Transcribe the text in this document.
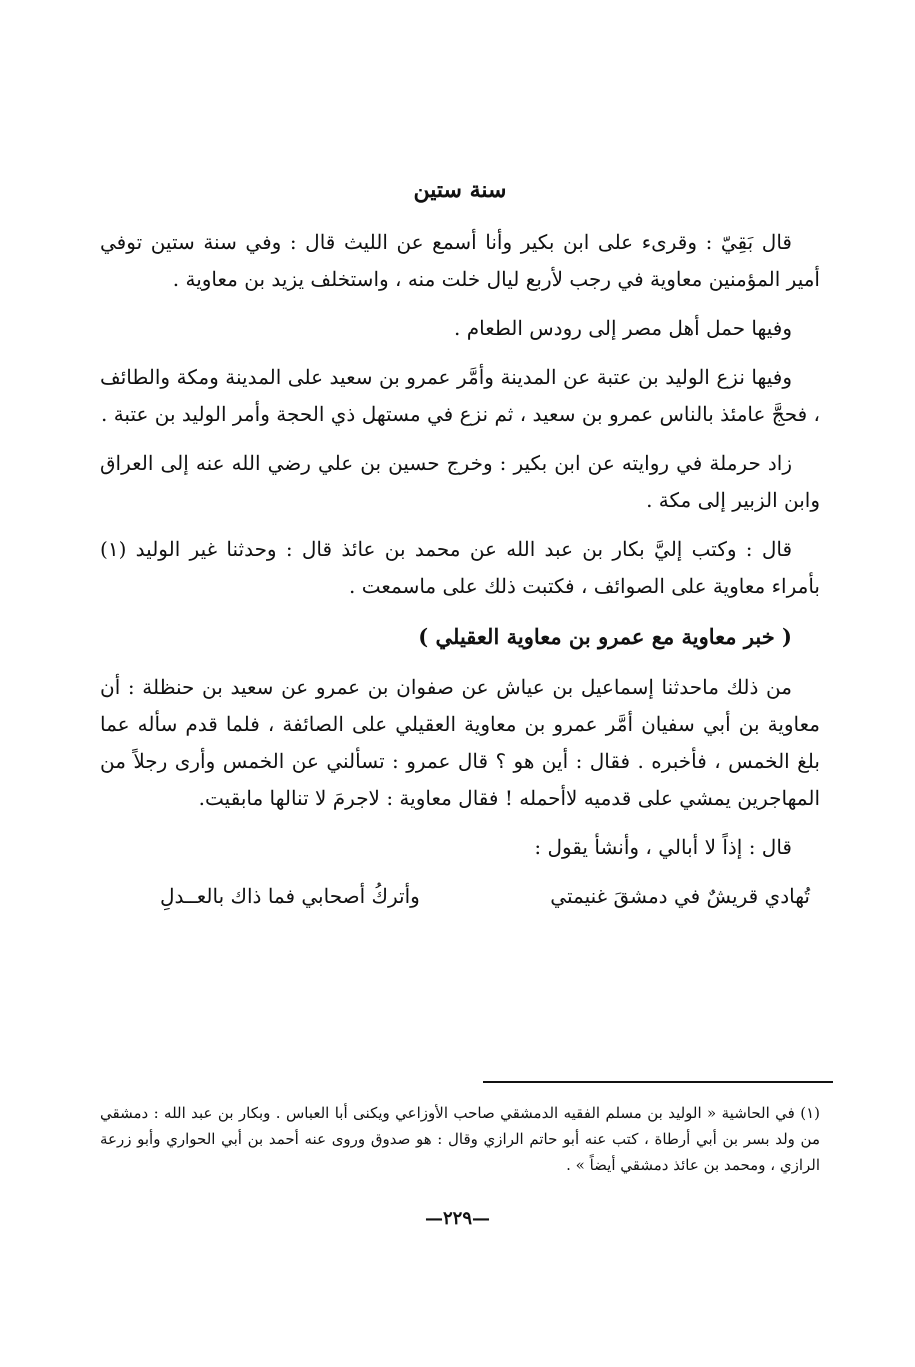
سنة ستين

قال بَقِيّ : وقرىء على ابن بكير وأنا أسمع عن الليث قال : وفي سنة ستين توفي أمير المؤمنين معاوية في رجب لأربع ليال خلت منه ، واستخلف يزيد بن معاوية .

وفيها حمل أهل مصر إلى رودس الطعام .

وفيها نزع الوليد بن عتبة عن المدينة وأمَّر عمرو بن سعيد على المدينة ومكة والطائف ، فحجَّ عامئذ بالناس عمرو بن سعيد ، ثم نزع في مستهل ذي الحجة وأمر الوليد بن عتبة .

زاد حرملة في روايته عن ابن بكير : وخرج حسين بن علي رضي الله عنه إلى العراق وابن الزبير إلى مكة .

قال : وكتب إليَّ بكار بن عبد الله عن محمد بن عائذ قال : وحدثنا غير الوليد (١) بأمراء معاوية على الصوائف ، فكتبت ذلك على ماسمعت .

( خبر معاوية مع عمرو بن معاوية العقيلي )

من ذلك ماحدثنا إسماعيل بن عياش عن صفوان بن عمرو عن سعيد بن حنظلة : أن معاوية بن أبي سفيان أمَّر عمرو بن معاوية العقيلي على الصائفة ، فلما قدم سأله عما بلغ الخمس ، فأخبره . فقال : أين هو ؟ قال عمرو : تسألني عن الخمس وأرى رجلاً من المهاجرين يمشي على قدميه لاأحمله ! فقال معاوية : لاجرمَ لا تنالها مابقيت.

قال : إذاً لا أبالي ، وأنشأ يقول :
تُهادي قريشٌ في دمشقَ غنيمتي
وأتركُ أصحابي فما ذاك بالعــدلِ
(١) في الحاشية « الوليد بن مسلم الفقيه الدمشقي صاحب الأوزاعي ويكنى أبا العباس . وبكار بن عبد الله : دمشقي من ولد بسر بن أبي أرطاة ، كتب عنه أبو حاتم الرازي وقال : هو صدوق وروى عنه أحمد بن أبي الحواري وأبو زرعة الرازي ، ومحمد بن عائذ دمشقي أيضاً » .
—٢٢٩—
